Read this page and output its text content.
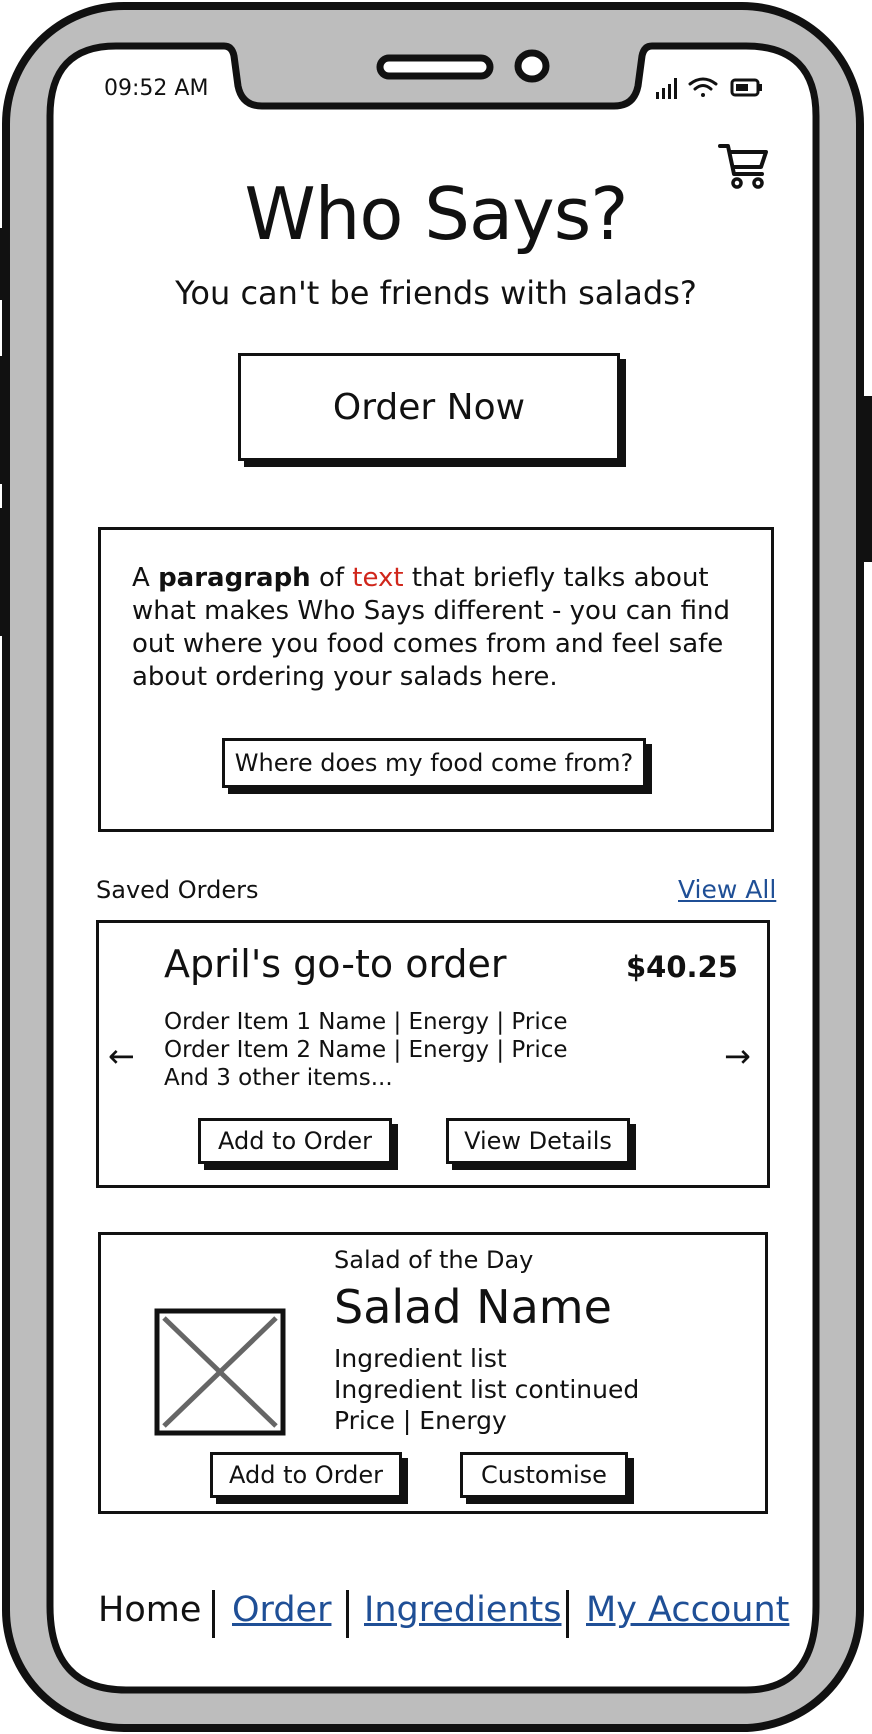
09:52 AM
Who Says?
You can't be friends with salads?
Order Now
A paragraph of text that briefly talks about what makes Who Says different - you can find out where you food comes from and feel safe about ordering your salads here.
Where does my food come from?
Saved Orders	View All
April's go-to order	$40.25
Order Item 1 Name | Energy | Price
Order Item 2 Name | Energy | Price
And 3 other items...
←	→
Add to Order	View Details
Salad of the Day
Salad Name
Ingredient list
Ingredient list continued
Price | Energy
Add to Order	Customise
Home Order Ingredients My Account
